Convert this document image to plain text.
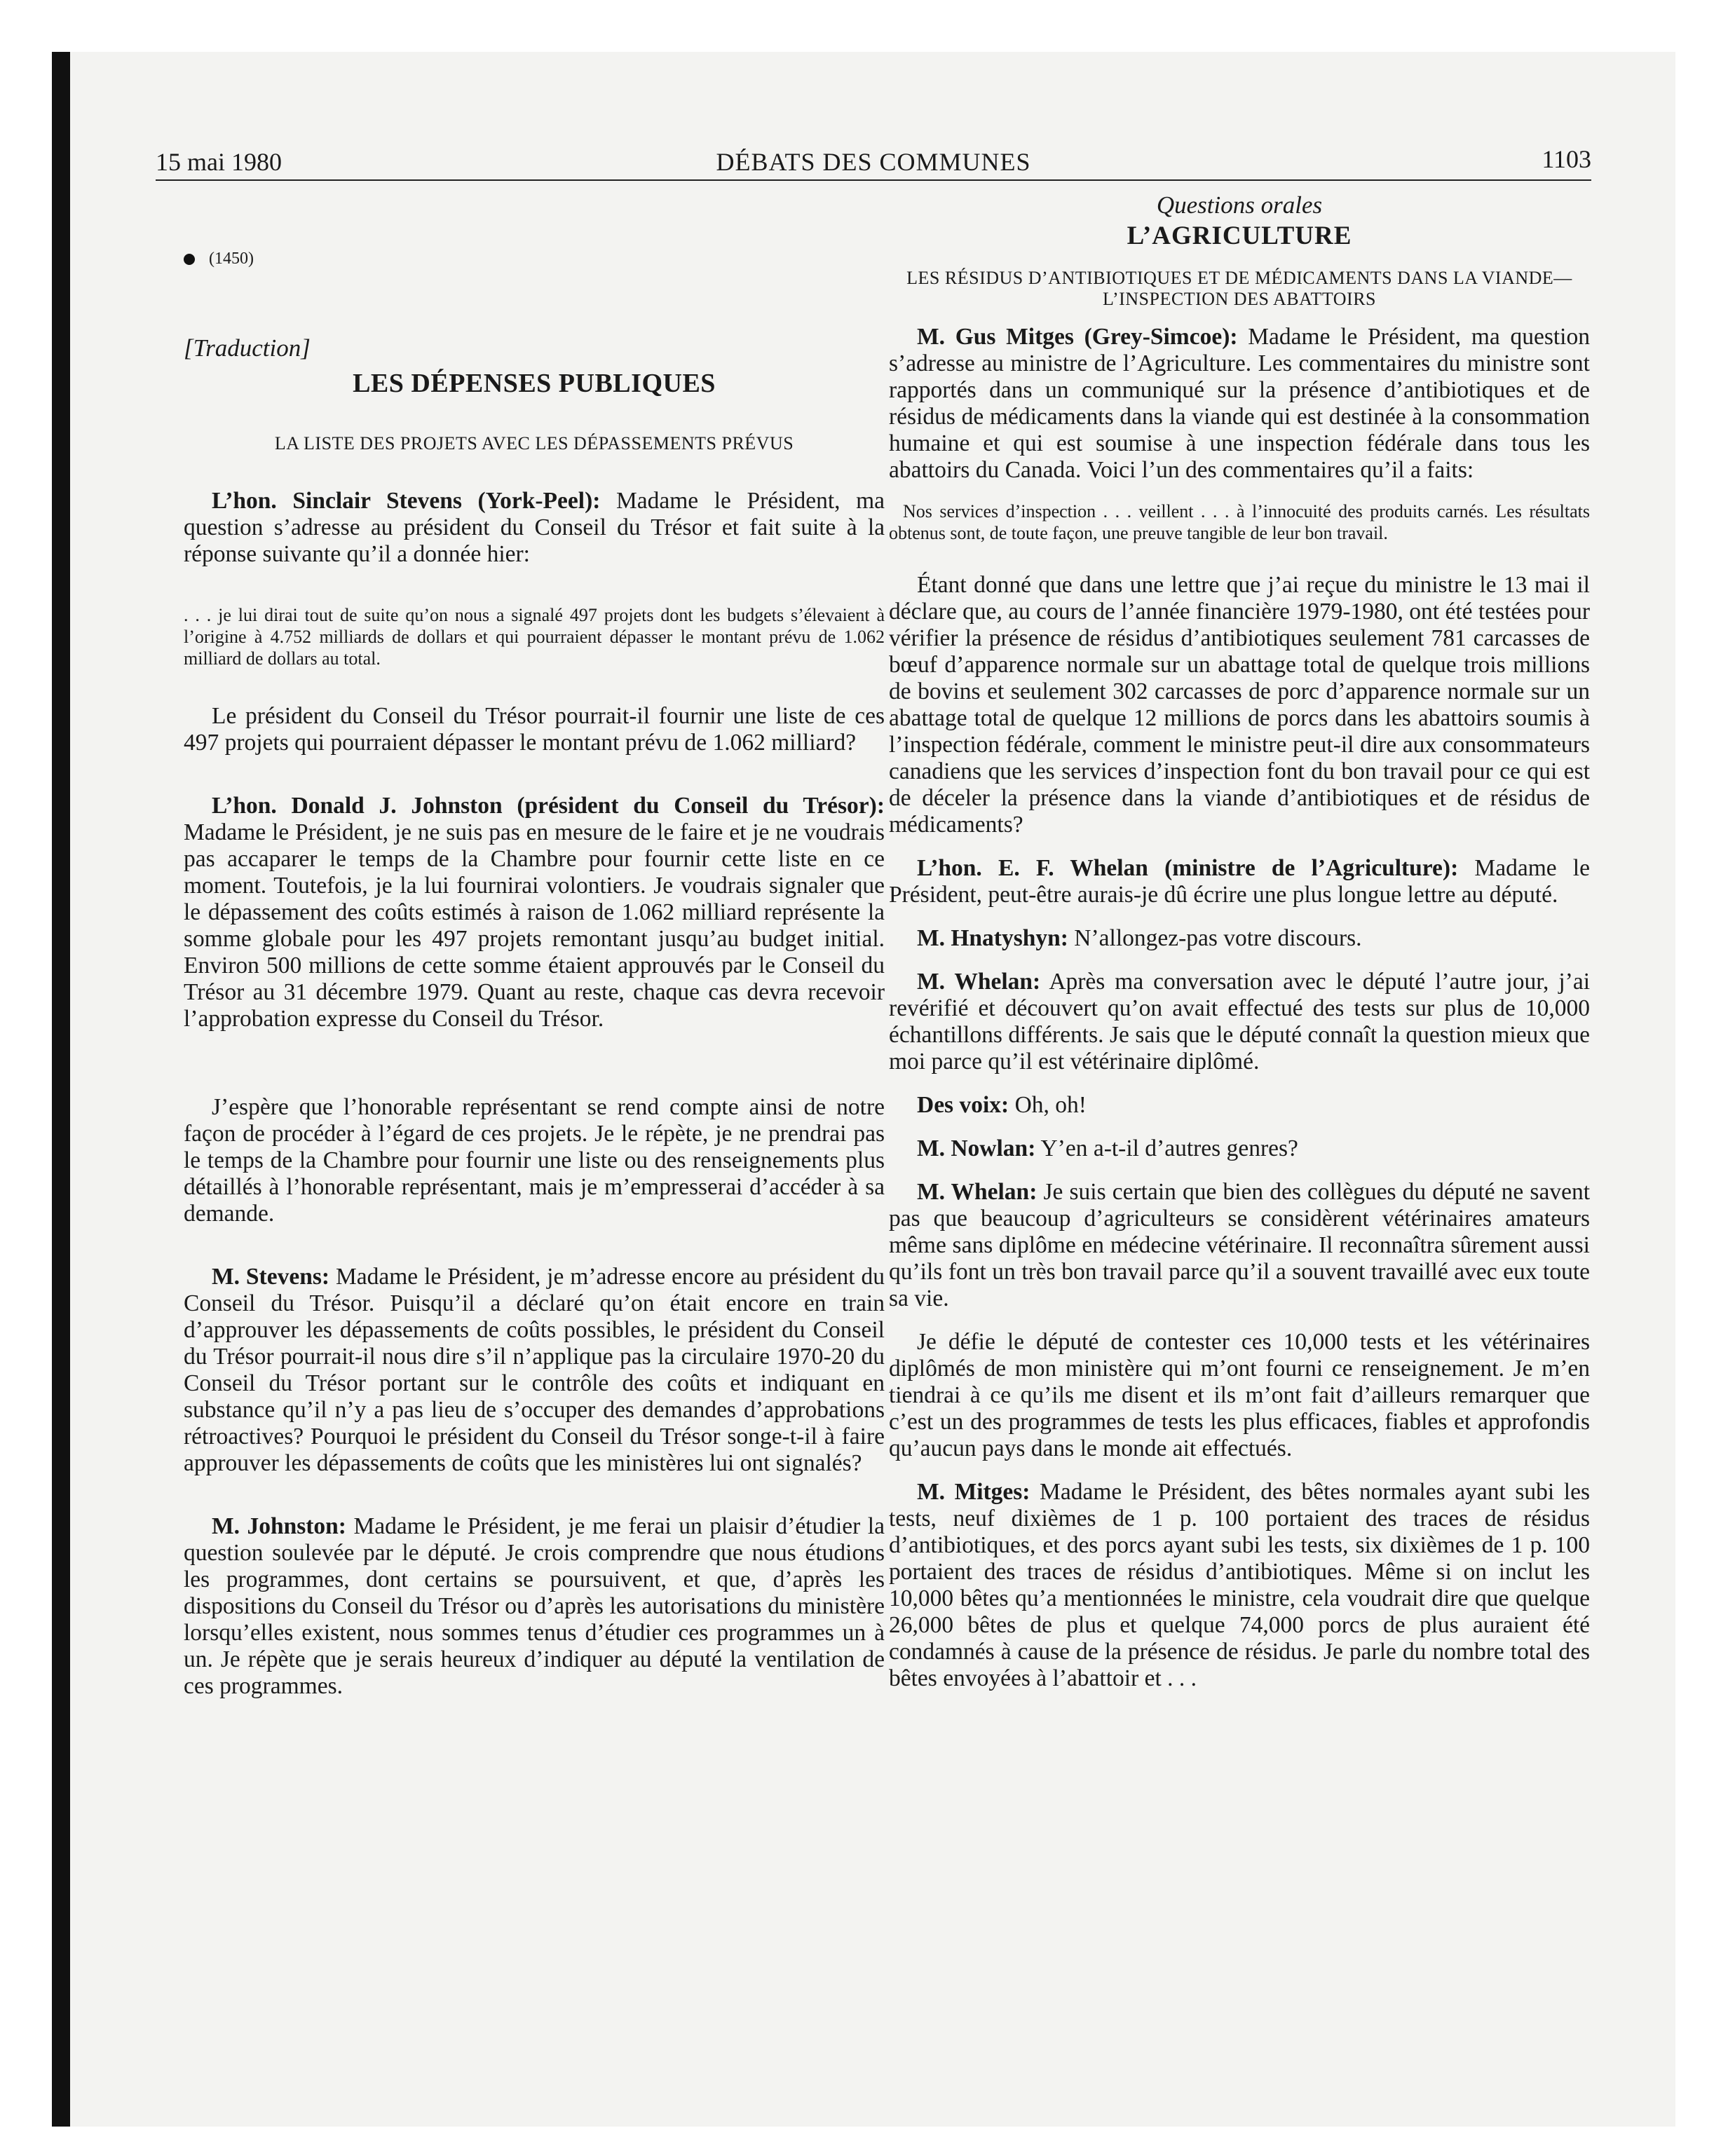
15 mai 1980	DÉBATS DES COMMUNES	1103

(1450)

[Traduction]

LES DÉPENSES PUBLIQUES

LA LISTE DES PROJETS AVEC LES DÉPASSEMENTS PRÉVUS

L’hon. Sinclair Stevens (York-Peel): Madame le Président, ma question s’adresse au président du Conseil du Trésor et fait suite à la réponse suivante qu’il a donnée hier:

. . . je lui dirai tout de suite qu’on nous a signalé 497 projets dont les budgets s’élevaient à l’origine à 4.752 milliards de dollars et qui pourraient dépasser le montant prévu de 1.062 milliard de dollars au total.

Le président du Conseil du Trésor pourrait-il fournir une liste de ces 497 projets qui pourraient dépasser le montant prévu de 1.062 milliard?

L’hon. Donald J. Johnston (président du Conseil du Trésor): Madame le Président, je ne suis pas en mesure de le faire et je ne voudrais pas accaparer le temps de la Chambre pour fournir cette liste en ce moment. Toutefois, je la lui fournirai volontiers. Je voudrais signaler que le dépassement des coûts estimés à raison de 1.062 milliard représente la somme globale pour les 497 projets remontant jusqu’au budget initial. Environ 500 millions de cette somme étaient approuvés par le Conseil du Trésor au 31 décembre 1979. Quant au reste, chaque cas devra recevoir l’approbation expresse du Conseil du Trésor.

J’espère que l’honorable représentant se rend compte ainsi de notre façon de procéder à l’égard de ces projets. Je le répète, je ne prendrai pas le temps de la Chambre pour fournir une liste ou des renseignements plus détaillés à l’honorable représentant, mais je m’empresserai d’accéder à sa demande.

M. Stevens: Madame le Président, je m’adresse encore au président du Conseil du Trésor. Puisqu’il a déclaré qu’on était encore en train d’approuver les dépassements de coûts possibles, le président du Conseil du Trésor pourrait-il nous dire s’il n’applique pas la circulaire 1970-20 du Conseil du Trésor portant sur le contrôle des coûts et indiquant en substance qu’il n’y a pas lieu de s’occuper des demandes d’approbations rétroactives? Pourquoi le président du Conseil du Trésor songe-t-il à faire approuver les dépassements de coûts que les ministères lui ont signalés?

M. Johnston: Madame le Président, je me ferai un plaisir d’étudier la question soulevée par le député. Je crois comprendre que nous étudions les programmes, dont certains se poursuivent, et que, d’après les dispositions du Conseil du Trésor ou d’après les autorisations du ministère lorsqu’elles existent, nous sommes tenus d’étudier ces programmes un à un. Je répète que je serais heureux d’indiquer au député la ventilation de ces programmes.

Questions orales

L’AGRICULTURE

LES RÉSIDUS D’ANTIBIOTIQUES ET DE MÉDICAMENTS DANS LA VIANDE—L’INSPECTION DES ABATTOIRS

M. Gus Mitges (Grey-Simcoe): Madame le Président, ma question s’adresse au ministre de l’Agriculture. Les commentaires du ministre sont rapportés dans un communiqué sur la présence d’antibiotiques et de résidus de médicaments dans la viande qui est destinée à la consommation humaine et qui est soumise à une inspection fédérale dans tous les abattoirs du Canada. Voici l’un des commentaires qu’il a faits:

Nos services d’inspection . . . veillent . . . à l’innocuité des produits carnés. Les résultats obtenus sont, de toute façon, une preuve tangible de leur bon travail.

Étant donné que dans une lettre que j’ai reçue du ministre le 13 mai il déclare que, au cours de l’année financière 1979-1980, ont été testées pour vérifier la présence de résidus d’antibiotiques seulement 781 carcasses de bœuf d’apparence normale sur un abattage total de quelque trois millions de bovins et seulement 302 carcasses de porc d’apparence normale sur un abattage total de quelque 12 millions de porcs dans les abattoirs soumis à l’inspection fédérale, comment le ministre peut-il dire aux consommateurs canadiens que les services d’inspection font du bon travail pour ce qui est de déceler la présence dans la viande d’antibiotiques et de résidus de médicaments?

L’hon. E. F. Whelan (ministre de l’Agriculture): Madame le Président, peut-être aurais-je dû écrire une plus longue lettre au député.

M. Hnatyshyn: N’allongez-pas votre discours.

M. Whelan: Après ma conversation avec le député l’autre jour, j’ai revérifié et découvert qu’on avait effectué des tests sur plus de 10,000 échantillons différents. Je sais que le député connaît la question mieux que moi parce qu’il est vétérinaire diplômé.

Des voix: Oh, oh!

M. Nowlan: Y’en a-t-il d’autres genres?

M. Whelan: Je suis certain que bien des collègues du député ne savent pas que beaucoup d’agriculteurs se considèrent vétérinaires amateurs même sans diplôme en médecine vétérinaire. Il reconnaîtra sûrement aussi qu’ils font un très bon travail parce qu’il a souvent travaillé avec eux toute sa vie.

Je défie le député de contester ces 10,000 tests et les vétérinaires diplômés de mon ministère qui m’ont fourni ce renseignement. Je m’en tiendrai à ce qu’ils me disent et ils m’ont fait d’ailleurs remarquer que c’est un des programmes de tests les plus efficaces, fiables et approfondis qu’aucun pays dans le monde ait effectués.

M. Mitges: Madame le Président, des bêtes normales ayant subi les tests, neuf dixièmes de 1 p. 100 portaient des traces de résidus d’antibiotiques, et des porcs ayant subi les tests, six dixièmes de 1 p. 100 portaient des traces de résidus d’antibiotiques. Même si on inclut les 10,000 bêtes qu’a mentionnées le ministre, cela voudrait dire que quelque 26,000 bêtes de plus et quelque 74,000 porcs de plus auraient été condamnés à cause de la présence de résidus. Je parle du nombre total des bêtes envoyées à l’abattoir et . . .
